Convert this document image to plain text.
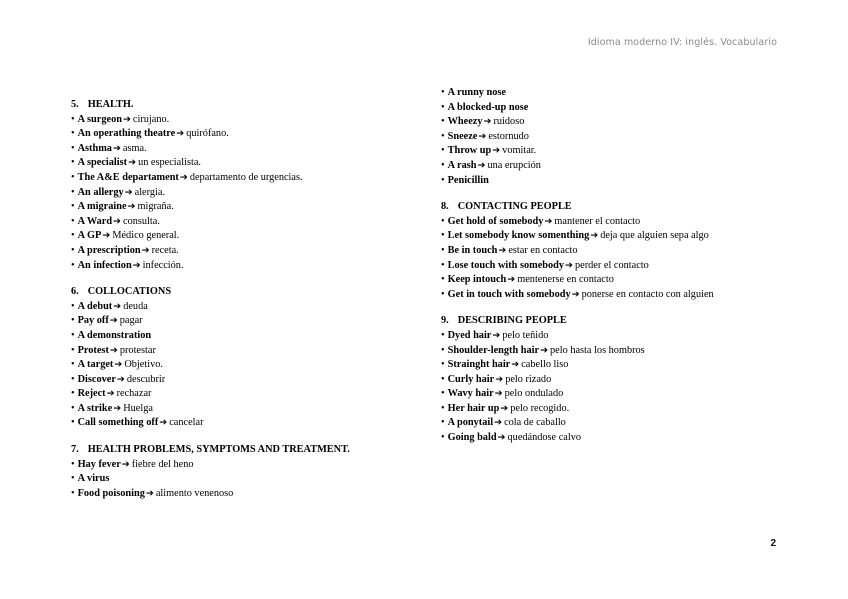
Idioma moderno IV: inglés. Vocabulario
5. HEALTH.
• A surgeon➔ cirujano.
• An operathing theatre➔ quirófano.
• Asthma➔ asma.
• A specialist➔ un especialista.
• The A&E departament➔ departamento de urgencias.
• An allergy➔ alergia.
• A migraine➔ migraña.
• A Ward➔ consulta.
• A GP➔ Médico general.
• A prescription➔ receta.
• An infection➔ infección.
6. COLLOCATIONS
• A debut➔ deuda
• Pay off➔ pagar
• A demonstration
• Protest➔ protestar
• A target➔ Objetivo.
• Discover➔ descubrir
• Reject➔ rechazar
• A strike➔ Huelga
• Call something off➔ cancelar
7. HEALTH PROBLEMS, SYMPTOMS AND TREATMENT.
• Hay fever➔ fiebre del heno
• A virus
• Food poisoning➔ alimento venenoso
• A runny nose
• A blocked-up nose
• Wheezy➔ ruidoso
• Sneeze➔ estornudo
• Throw up➔ vomitar.
• A rash➔ una erupción
• Penicillin
8. CONTACTING PEOPLE
• Get hold of somebody➔ mantener el contacto
• Let somebody know somenthing➔ deja que alguien sepa algo
• Be in touch➔ estar en contacto
• Lose touch with somebody➔ perder el contacto
• Keep intouch➔ mentenerse en contacto
• Get in touch with somebody➔ ponerse en contacto con alguien
9. DESCRIBING PEOPLE
• Dyed hair➔ pelo teñido
• Shoulder-length hair➔ pelo hasta los hombros
• Strainght hair➔ cabello liso
• Curly hair➔ pelo rizado
• Wavy hair➔ pelo ondulado
• Her hair up➔ pelo recogido.
• A ponytail➔ cola de caballo
• Going bald➔ quedándose calvo
2
